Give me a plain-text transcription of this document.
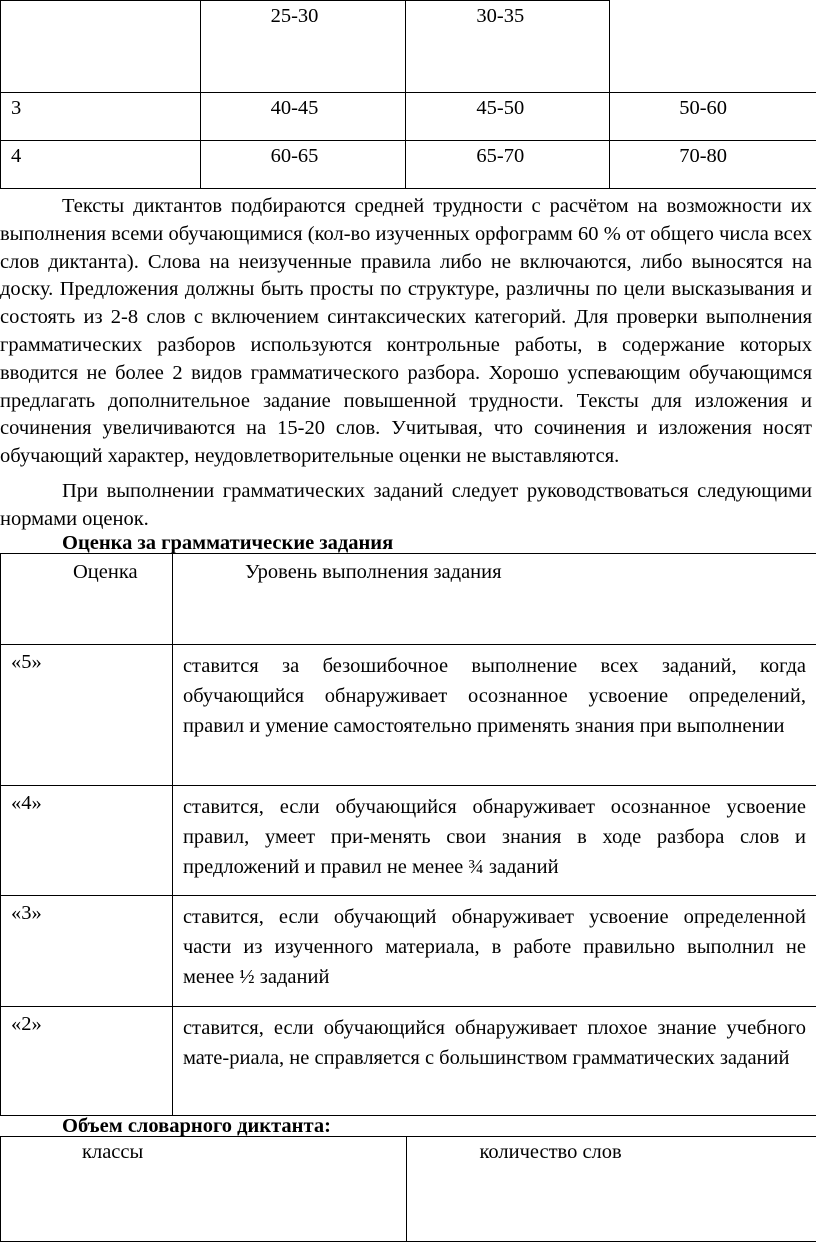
	25-30	30-35	

3	40-45	45-50	50-60

4	60-65	65-70	70-80

Тексты диктантов подбираются средней трудности с расчётом на возможности их выполнения всеми обучающимися (кол-во изученных орфограмм 60 % от общего числа всех слов диктанта). Слова на неизученные правила либо не включаются, либо выносятся на доску. Предложения должны быть просты по структуре, различны по цели высказывания и состоять из 2-8 слов с включением синтаксических категорий. Для проверки выполнения грамматических разборов используются контрольные работы, в содержание которых вводится не более 2 видов грамматического разбора. Хорошо успевающим обучающимся предлагать дополнительное задание повышенной трудности. Тексты для изложения и сочинения увеличиваются на 15-20 слов. Учитывая, что сочинения и изложения носят обучающий характер, неудовлетворительные оценки не выставляются.

При выполнении грамматических заданий следует руководствоваться следующими нормами оценок.

Оценка за грамматические задания

Оценка	Уровень выполнения задания
«5»	ставится за безошибочное выполнение всех заданий, когда обучающийся обнаруживает осознанное усвоение определений, правил и умение самостоятельно применять знания при выполнении
«4»	ставится, если обучающийся обнаруживает осознанное усвоение правил, умеет при-менять свои знания в ходе разбора слов и предложений и правил не менее ¾ заданий
«3»	ставится, если обучающий обнаруживает усвоение определенной части из изученного материала, в работе правильно выполнил не менее ½ заданий
«2»	ставится, если обучающийся обнаруживает плохое знание учебного мате-риала, не справляется с большинством грамматических заданий

Объем словарного диктанта:

классы	количество слов
